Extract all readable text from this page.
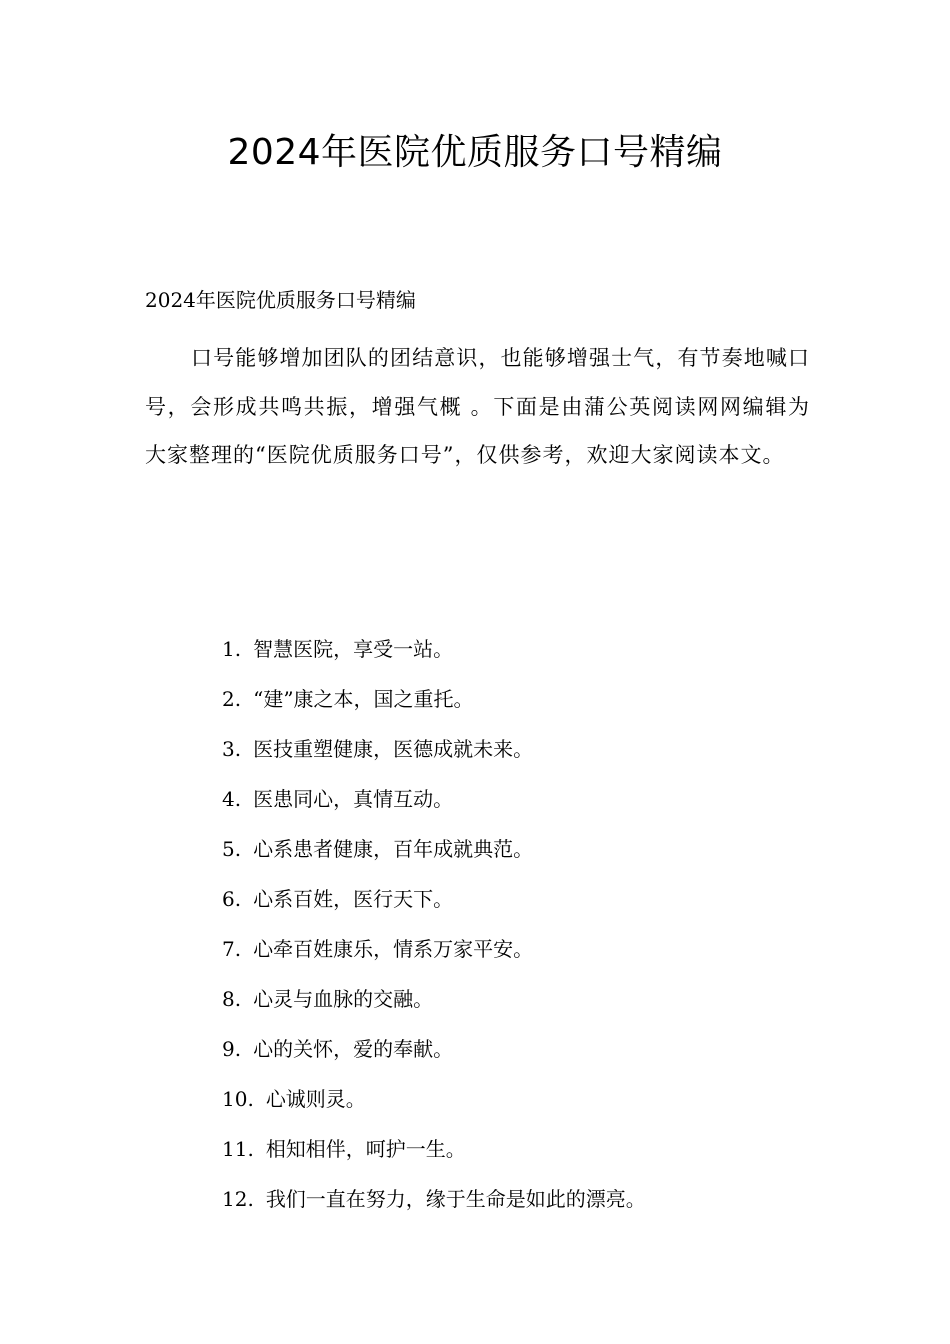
2024年医院优质服务口号精编

2024年医院优质服务口号精编

口号能够增加团队的团结意识，也能够增强士气，有节奏地喊口号，会形成共鸣共振，增强气概 。下面是由蒲公英阅读网网编辑为大家整理的“医院优质服务口号”，仅供参考，欢迎大家阅读本文。

1. 智慧医院，享受一站。
2. “建”康之本，国之重托。
3. 医技重塑健康，医德成就未来。
4. 医患同心，真情互动。
5. 心系患者健康，百年成就典范。
6. 心系百姓，医行天下。
7. 心牵百姓康乐，情系万家平安。
8. 心灵与血脉的交融。
9. 心的关怀，爱的奉献。
10. 心诚则灵。
11. 相知相伴，呵护一生。
12. 我们一直在努力，缘于生命是如此的漂亮。
